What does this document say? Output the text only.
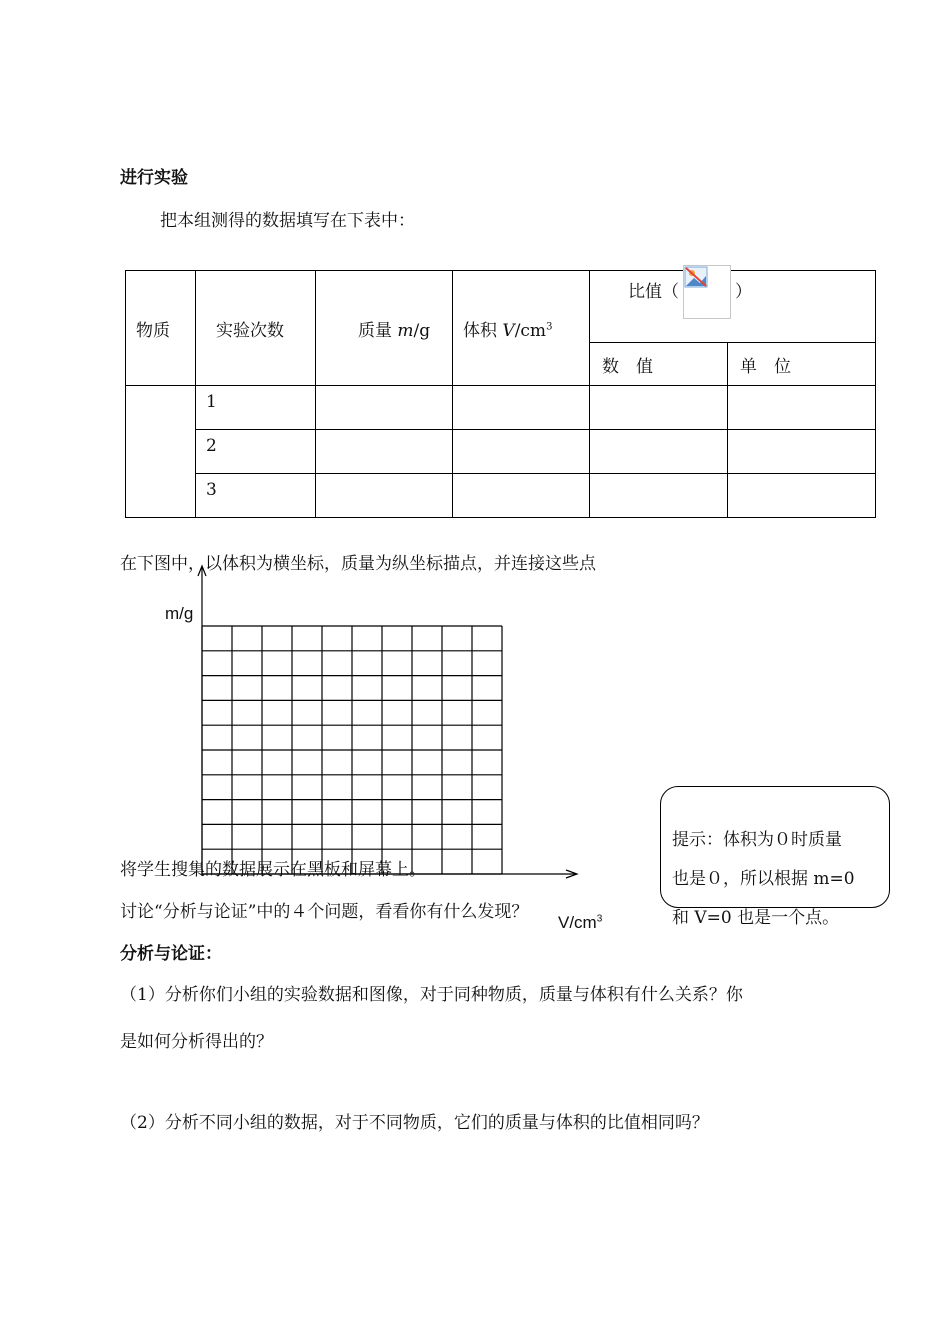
进行实验
把本组测得的数据填写在下表中：
物质	实验次数	质量 m/g	体积 $V/cm^3$	比值（ ）	
				数　值	单　位
	1				
	2				
	3				
在下图中，以体积为横坐标，质量为纵坐标描点，并连接这些点
m/g
$V/cm^3$
将学生搜集的数据展示在黑板和屏幕上。
讨论“分析与论证”中的４个问题，看看你有什么发现？
提示：体积为０时质量
也是０，所以根据 m=0
和 V=0 也是一个点。
分析与论证：
（1）分析你们小组的实验数据和图像，对于同种物质，质量与体积有什么关系？你
是如何分析得出的？
（2）分析不同小组的数据，对于不同物质，它们的质量与体积的比值相同吗？
